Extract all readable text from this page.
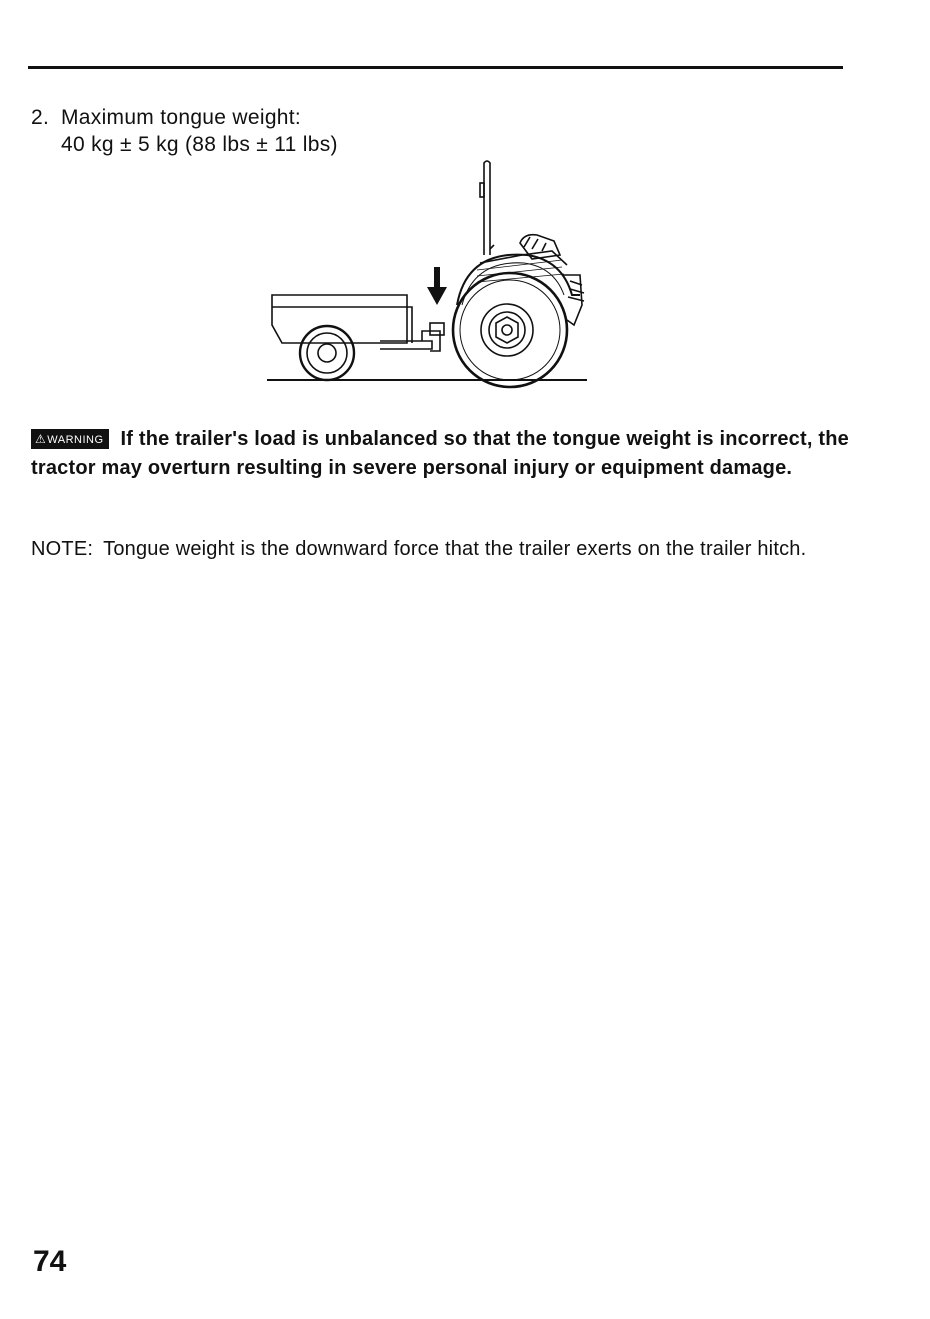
2. Maximum tongue weight:
40 kg ± 5 kg (88 lbs ± 11 lbs)
⚠WARNING If the trailer's load is unbalanced so that the tongue weight is incorrect, the tractor may overturn resulting in severe personal injury or equipment damage.
NOTE: Tongue weight is the downward force that the trailer exerts on the trailer hitch.
74
